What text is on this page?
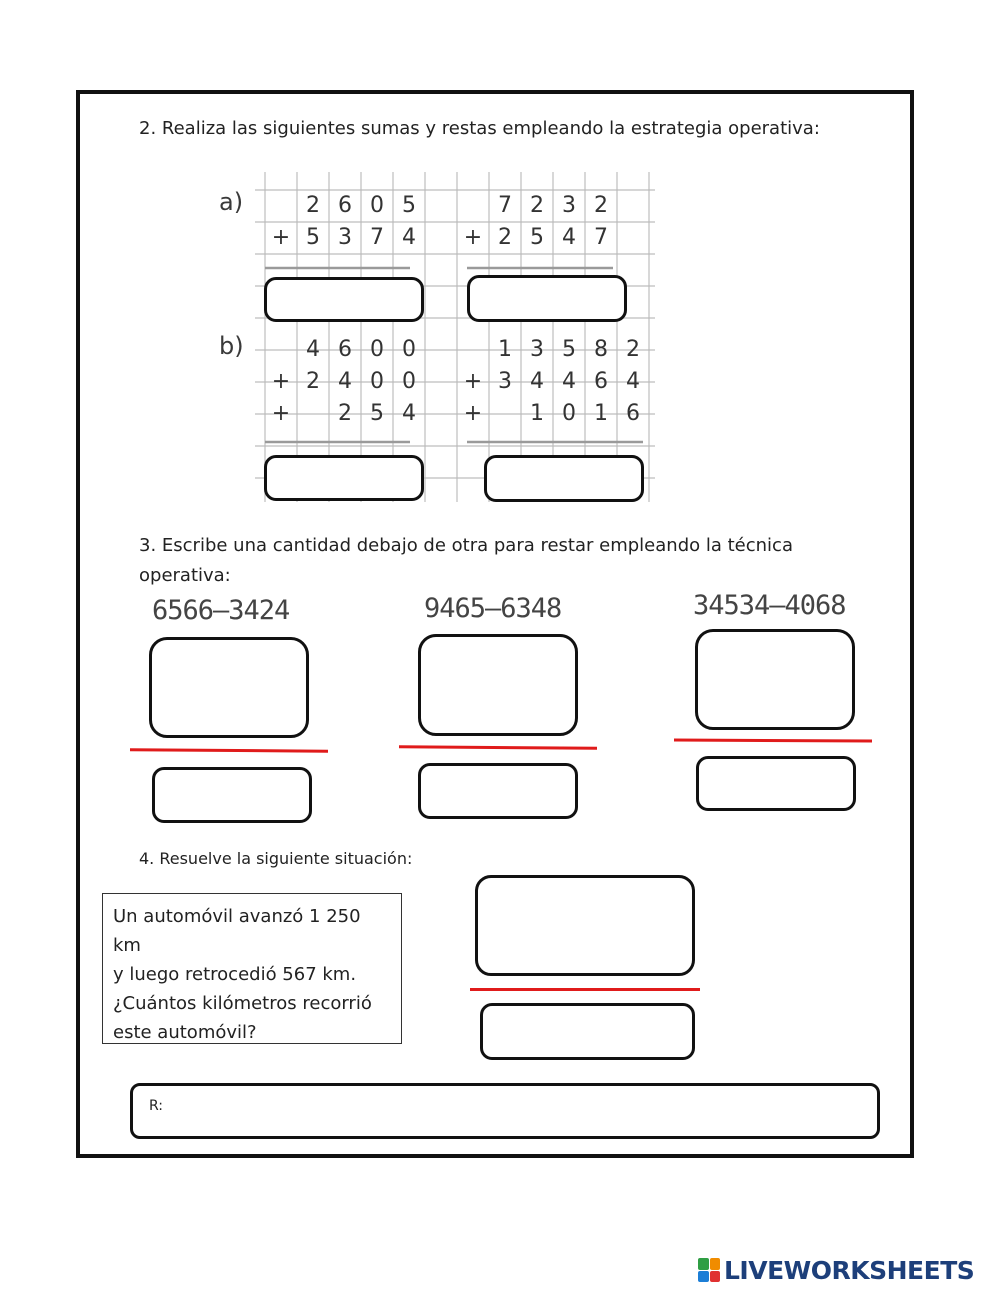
2. Realiza las siguientes sumas y restas empleando la estrategia operativa:
a)
b)
2 6 0 5
+ 5 3 7 4
7 2 3 2
+ 2 5 4 7
4 6 0 0
+ 2 4 0 0
+	2 5 4
1 3 5 8 2
+ 3 4 4 6 4
+	1 0 1 6
3. Escribe una cantidad debajo de otra para restar empleando la técnica
operativa:
6566–3424	9465–6348	34534–4068
4. Resuelve la siguiente situación:
Un automóvil avanzó 1 250 km
y luego retrocedió 567 km.
¿Cuántos kilómetros recorrió
este automóvil?
R:
LIVEWORKSHEETS
